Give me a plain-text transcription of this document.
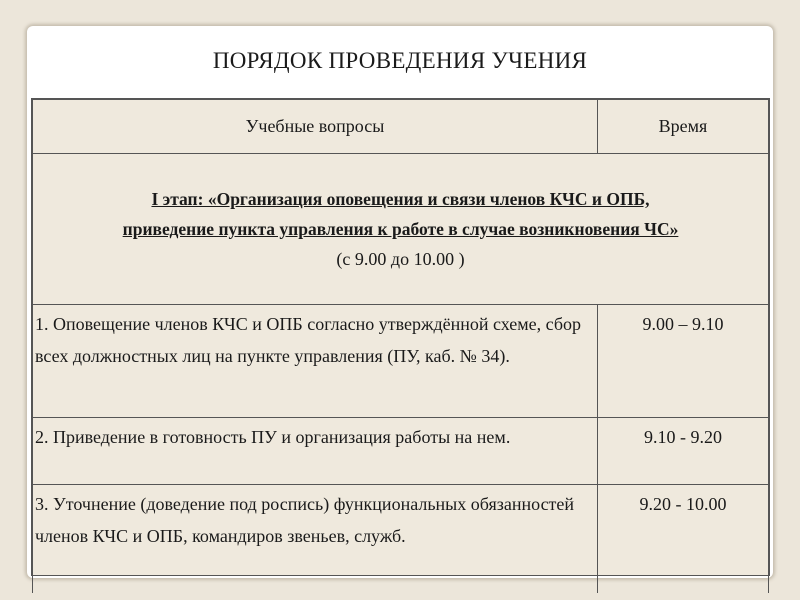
ПОРЯДОК ПРОВЕДЕНИЯ УЧЕНИЯ
Учебные вопросы	Время

I этап: «Организация оповещения и связи членов КЧС и ОПБ,
приведение пункта управления к работе в случае возникновения ЧС»
(с 9.00 до 10.00 )	

1. Оповещение членов КЧС и ОПБ согласно утверждённой схеме, сбор всех должностных лиц на пункте управления (ПУ, каб. № 34).	9.00 – 9.10

2. Приведение в готовность ПУ и организация работы на нем.	9.10 - 9.20

3. Уточнение (доведение под роспись) функциональных обязанностей членов КЧС и ОПБ, командиров звеньев, служб.	9.20 - 10.00
